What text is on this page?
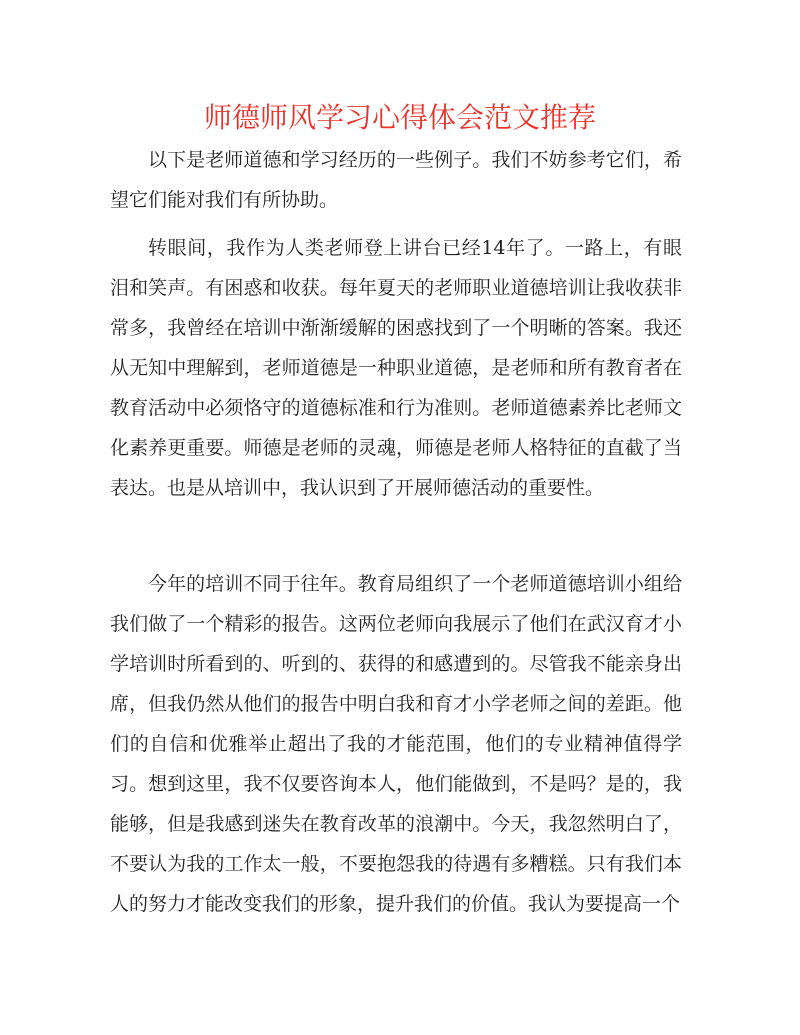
师德师风学习心得体会范文推荐

以下是老师道德和学习经历的一些例子。我们不妨参考它们，希望它们能对我们有所协助。

转眼间，我作为人类老师登上讲台已经14年了。一路上，有眼泪和笑声。有困惑和收获。每年夏天的老师职业道德培训让我收获非常多，我曾经在培训中渐渐缓解的困惑找到了一个明晰的答案。我还从无知中理解到，老师道德是一种职业道德，是老师和所有教育者在教育活动中必须恪守的道德标准和行为准则。老师道德素养比老师文化素养更重要。师德是老师的灵魂，师德是老师人格特征的直截了当表达。也是从培训中，我认识到了开展师德活动的重要性。

今年的培训不同于往年。教育局组织了一个老师道德培训小组给我们做了一个精彩的报告。这两位老师向我展示了他们在武汉育才小学培训时所看到的、听到的、获得的和感遭到的。尽管我不能亲身出席，但我仍然从他们的报告中明白我和育才小学老师之间的差距。他们的自信和优雅举止超出了我的才能范围，他们的专业精神值得学习。想到这里，我不仅要咨询本人，他们能做到，不是吗？是的，我能够，但是我感到迷失在教育改革的浪潮中。今天，我忽然明白了，不要认为我的工作太一般，不要抱怨我的待遇有多糟糕。只有我们本人的努力才能改变我们的形象，提升我们的价值。我认为要提高一个
